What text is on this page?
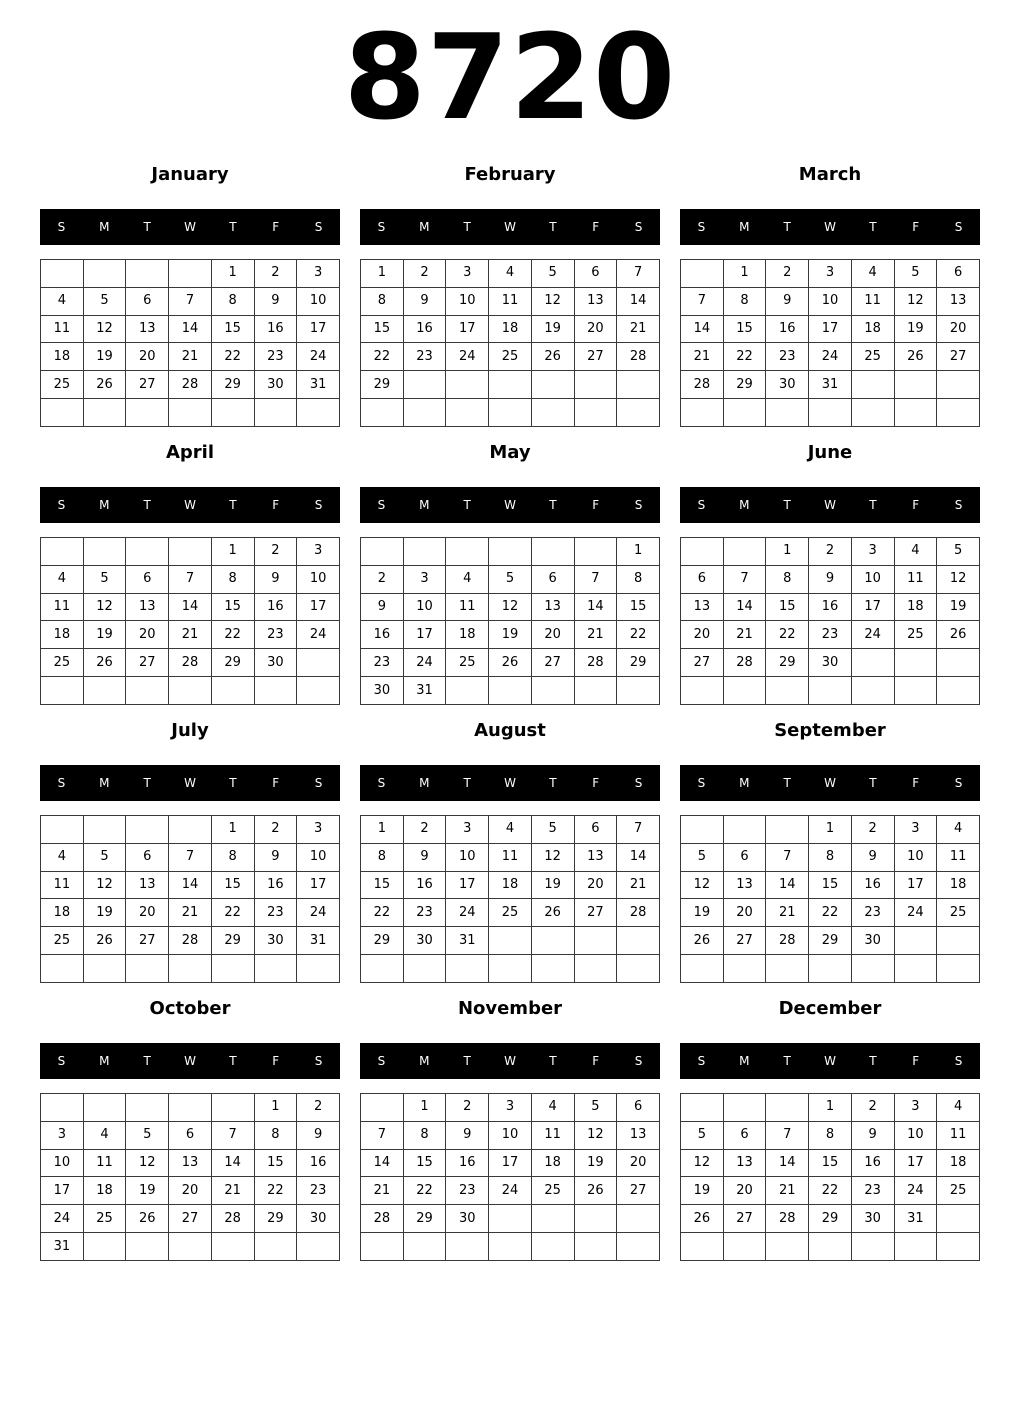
8720
January
S	M	T	W	T	F	S
				1	2	3
4	5	6	7	8	9	10
11	12	13	14	15	16	17
18	19	20	21	22	23	24
25	26	27	28	29	30	31

February
S	M	T	W	T	F	S
1	2	3	4	5	6	7
8	9	10	11	12	13	14
15	16	17	18	19	20	21
22	23	24	25	26	27	28
29						

March
S	M	T	W	T	F	S
	1	2	3	4	5	6
7	8	9	10	11	12	13
14	15	16	17	18	19	20
21	22	23	24	25	26	27
28	29	30	31			

April
S	M	T	W	T	F	S
				1	2	3
4	5	6	7	8	9	10
11	12	13	14	15	16	17
18	19	20	21	22	23	24
25	26	27	28	29	30	

May
S	M	T	W	T	F	S
						1
2	3	4	5	6	7	8
9	10	11	12	13	14	15
16	17	18	19	20	21	22
23	24	25	26	27	28	29
30	31					
June
S	M	T	W	T	F	S
		1	2	3	4	5
6	7	8	9	10	11	12
13	14	15	16	17	18	19
20	21	22	23	24	25	26
27	28	29	30			

July
S	M	T	W	T	F	S
				1	2	3
4	5	6	7	8	9	10
11	12	13	14	15	16	17
18	19	20	21	22	23	24
25	26	27	28	29	30	31

August
S	M	T	W	T	F	S
1	2	3	4	5	6	7
8	9	10	11	12	13	14
15	16	17	18	19	20	21
22	23	24	25	26	27	28
29	30	31				

September
S	M	T	W	T	F	S
			1	2	3	4
5	6	7	8	9	10	11
12	13	14	15	16	17	18
19	20	21	22	23	24	25
26	27	28	29	30		

October
S	M	T	W	T	F	S
					1	2
3	4	5	6	7	8	9
10	11	12	13	14	15	16
17	18	19	20	21	22	23
24	25	26	27	28	29	30
31						
November
S	M	T	W	T	F	S
	1	2	3	4	5	6
7	8	9	10	11	12	13
14	15	16	17	18	19	20
21	22	23	24	25	26	27
28	29	30				

December
S	M	T	W	T	F	S
			1	2	3	4
5	6	7	8	9	10	11
12	13	14	15	16	17	18
19	20	21	22	23	24	25
26	27	28	29	30	31	
